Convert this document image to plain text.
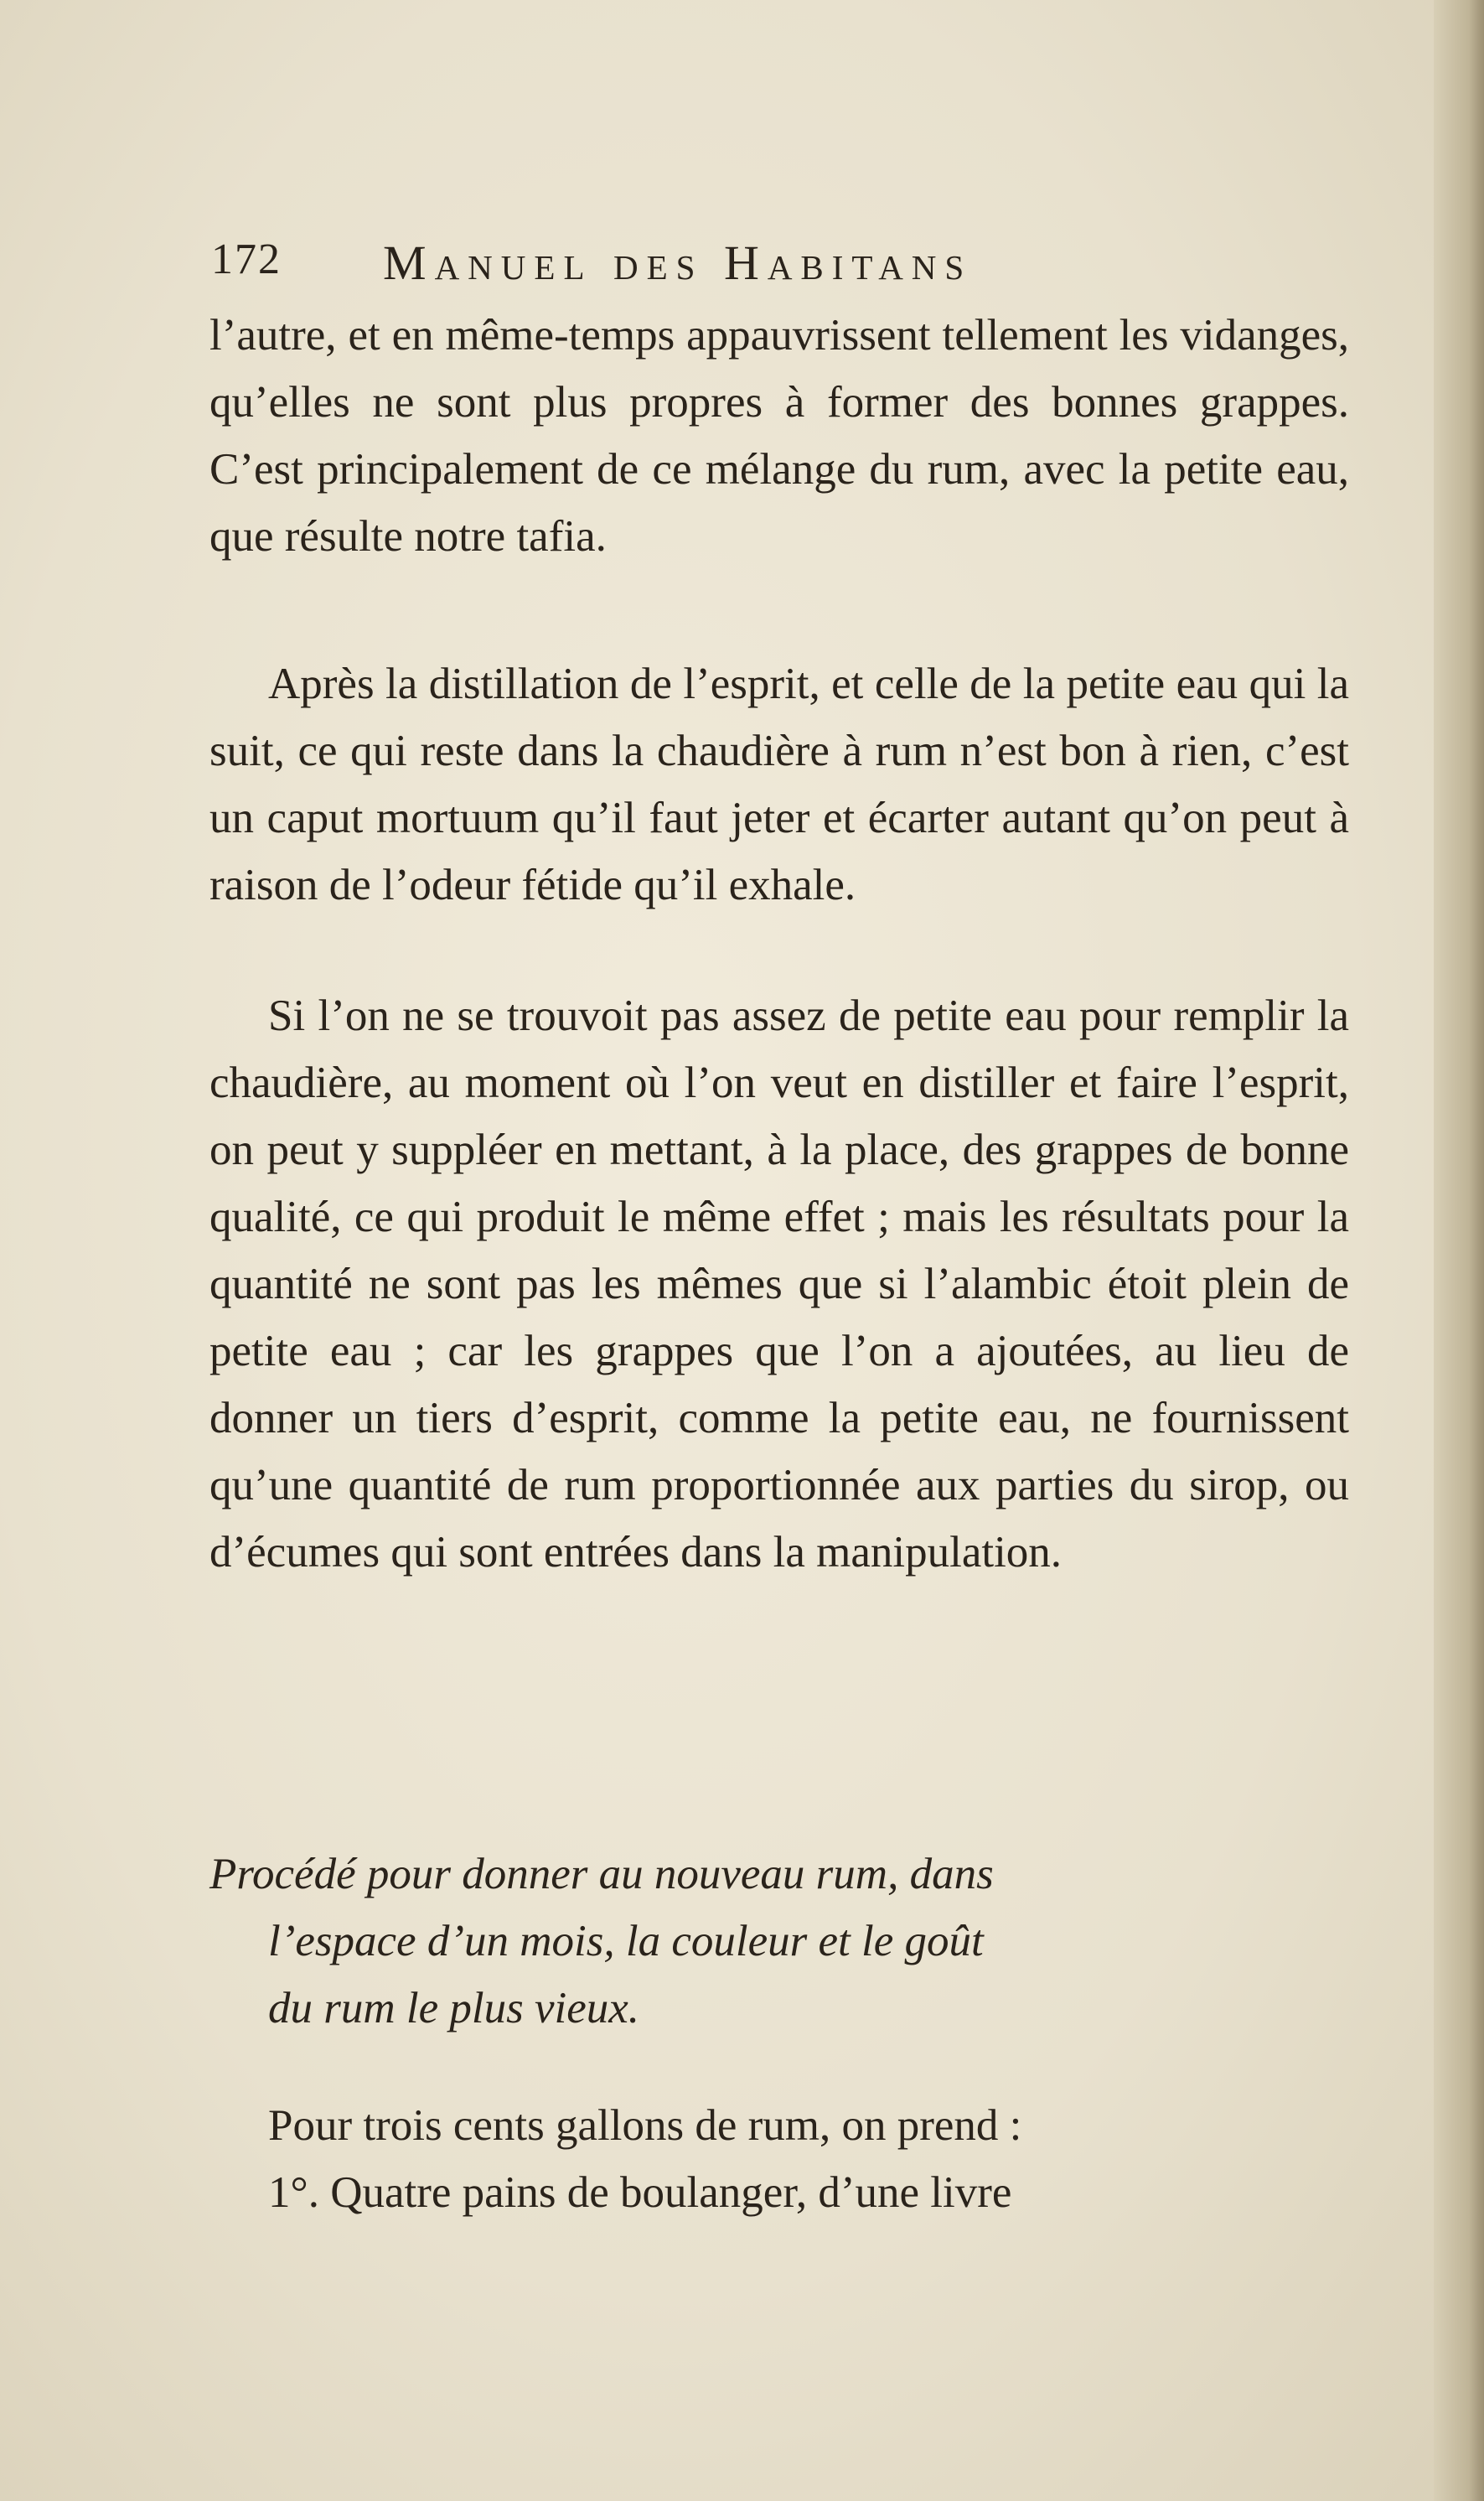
172 Manuel des Habitans

l’autre, et en même-temps appauvrissent tellement les vidanges, qu’elles ne sont plus propres à former des bonnes grappes. C’est principalement de ce mélange du rum, avec la petite eau, que résulte notre tafia.

Après la distillation de l’esprit, et celle de la petite eau qui la suit, ce qui reste dans la chaudière à rum n’est bon à rien, c’est un caput mortuum qu’il faut jeter et écarter autant qu’on peut à raison de l’odeur fétide qu’il exhale.

Si l’on ne se trouvoit pas assez de petite eau pour remplir la chaudière, au moment où l’on veut en distiller et faire l’esprit, on peut y suppléer en mettant, à la place, des grappes de bonne qualité, ce qui produit le même effet ; mais les résultats pour la quantité ne sont pas les mêmes que si l’alambic étoit plein de petite eau ; car les grappes que l’on a ajoutées, au lieu de donner un tiers d’esprit, comme la petite eau, ne fournissent qu’une quantité de rum proportionnée aux parties du sirop, ou d’écumes qui sont entrées dans la manipulation.

Procédé pour donner au nouveau rum, dans
l’espace d’un mois, la couleur et le goût
du rum le plus vieux.

Pour trois cents gallons de rum, on prend :

1°. Quatre pains de boulanger, d’une livre
